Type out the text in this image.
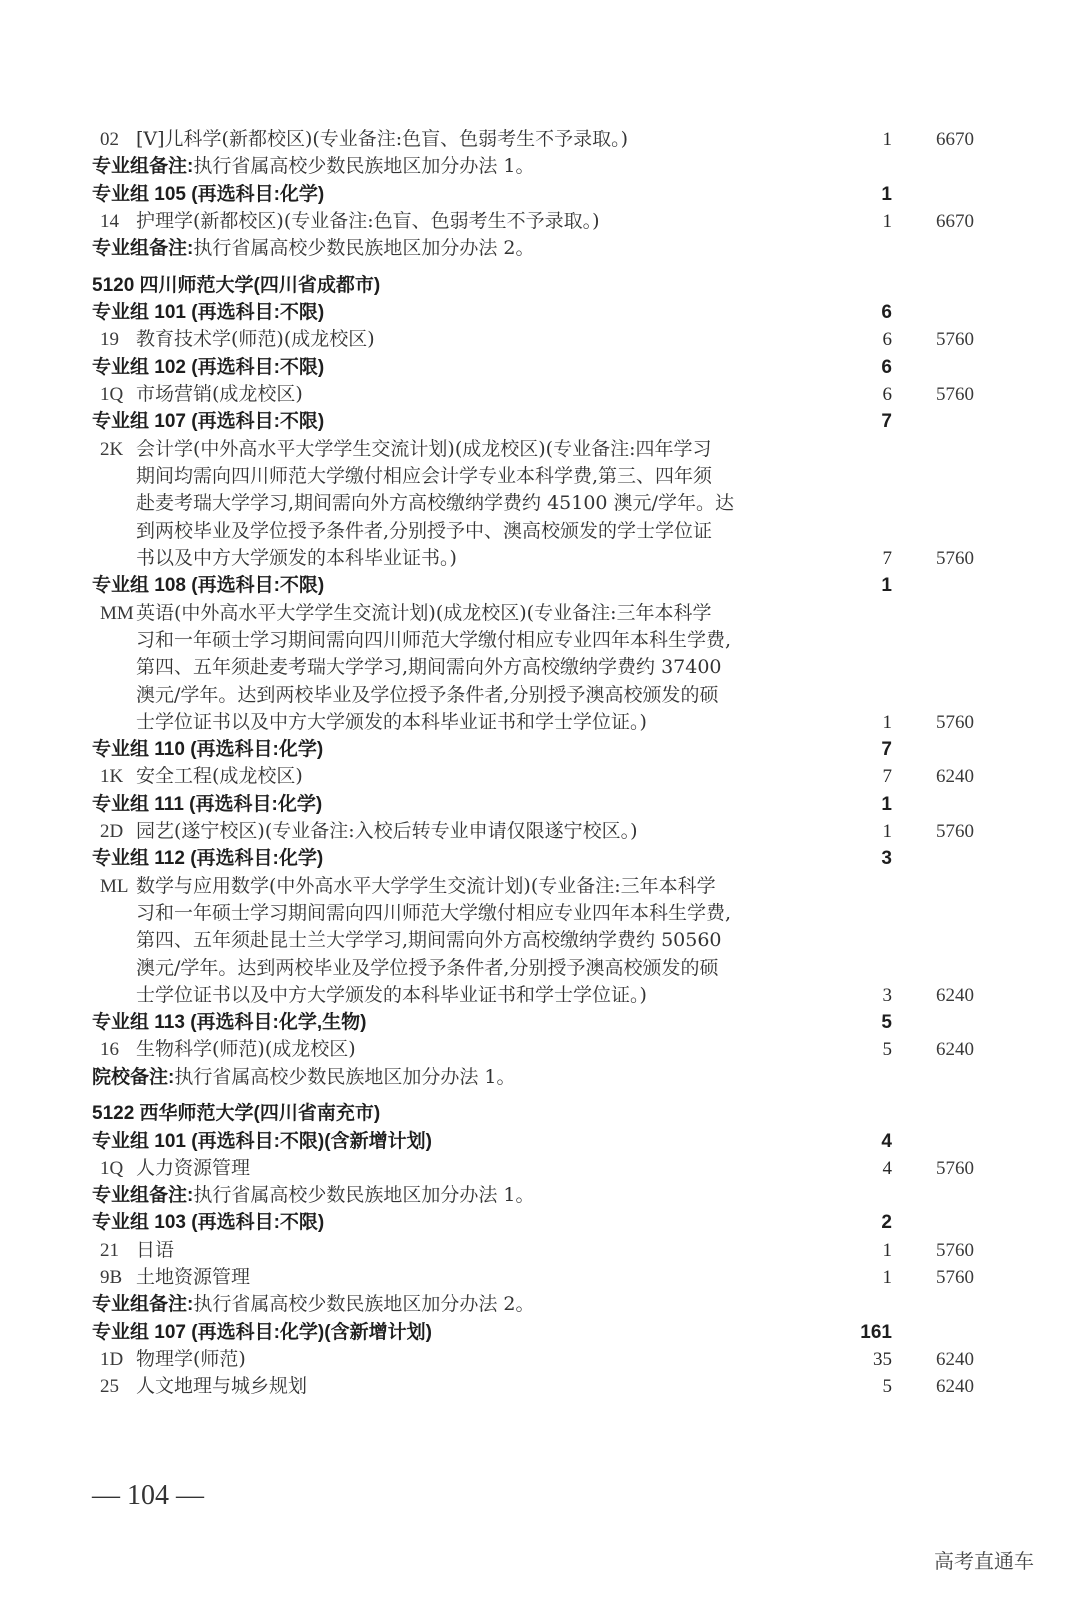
02 [V]儿科学(新都校区)(专业备注:色盲、色弱考生不予录取。)	1	6670
专业组备注:执行省属高校少数民族地区加分办法 1。
专业组 105 (再选科目:化学)	1
14 护理学(新都校区)(专业备注:色盲、色弱考生不予录取。)	1	6670
专业组备注:执行省属高校少数民族地区加分办法 2。
5120 四川师范大学(四川省成都市)
专业组 101 (再选科目:不限)	6
19 教育技术学(师范)(成龙校区)	6	5760
专业组 102 (再选科目:不限)	6
1Q 市场营销(成龙校区)	6	5760
专业组 107 (再选科目:不限)	7
2K 会计学(中外高水平大学学生交流计划)(成龙校区)(专业备注:四年学习
期间均需向四川师范大学缴付相应会计学专业本科学费,第三、四年须
赴麦考瑞大学学习,期间需向外方高校缴纳学费约 45100 澳元/学年。达
到两校毕业及学位授予条件者,分别授予中、澳高校颁发的学士学位证
书以及中方大学颁发的本科毕业证书。)	7	5760
专业组 108 (再选科目:不限)	1
MM 英语(中外高水平大学学生交流计划)(成龙校区)(专业备注:三年本科学
习和一年硕士学习期间需向四川师范大学缴付相应专业四年本科生学费,
第四、五年须赴麦考瑞大学学习,期间需向外方高校缴纳学费约 37400
澳元/学年。达到两校毕业及学位授予条件者,分别授予澳高校颁发的硕
士学位证书以及中方大学颁发的本科毕业证书和学士学位证。)	1	5760
专业组 110 (再选科目:化学)	7
1K 安全工程(成龙校区)	7	6240
专业组 111 (再选科目:化学)	1
2D 园艺(遂宁校区)(专业备注:入校后转专业申请仅限遂宁校区。)	1	5760
专业组 112 (再选科目:化学)	3
ML 数学与应用数学(中外高水平大学学生交流计划)(专业备注:三年本科学
习和一年硕士学习期间需向四川师范大学缴付相应专业四年本科生学费,
第四、五年须赴昆士兰大学学习,期间需向外方高校缴纳学费约 50560
澳元/学年。达到两校毕业及学位授予条件者,分别授予澳高校颁发的硕
士学位证书以及中方大学颁发的本科毕业证书和学士学位证。)	3	6240
专业组 113 (再选科目:化学,生物)	5
16 生物科学(师范)(成龙校区)	5	6240
院校备注:执行省属高校少数民族地区加分办法 1。
5122 西华师范大学(四川省南充市)
专业组 101 (再选科目:不限)(含新增计划)	4
1Q 人力资源管理	4	5760
专业组备注:执行省属高校少数民族地区加分办法 1。
专业组 103 (再选科目:不限)	2
21 日语	1	5760
9B 土地资源管理	1	5760
专业组备注:执行省属高校少数民族地区加分办法 2。
专业组 107 (再选科目:化学)(含新增计划)	161
1D 物理学(师范)	35	6240
25 人文地理与城乡规划	5	6240
— 104 —
高考直通车
